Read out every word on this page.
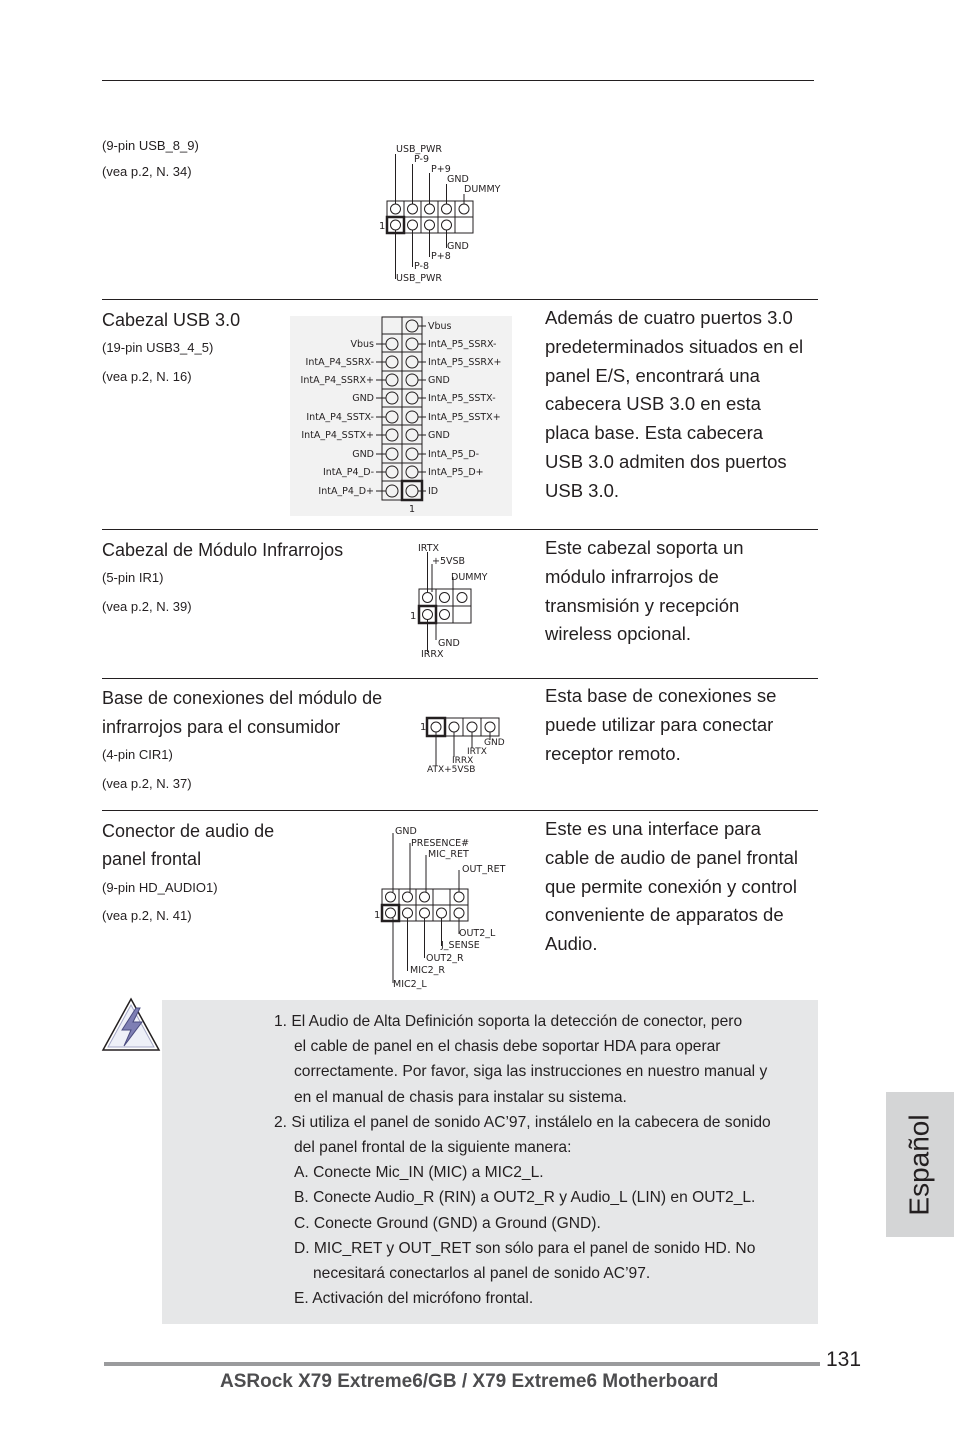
(9-pin USB_8_9)
(vea p.2, N. 34)
USB_PWR
P-9
P+9
GND
DUMMY
GND
P+8
P-8
USB_PWR
1
Cabezal USB 3.0
(19-pin USB3_4_5)
(vea p.2, N. 16)
Vbus
IntA_P4_SSRX-
IntA_P4_SSRX+
GND
IntA_P4_SSTX-
IntA_P4_SSTX+
GND
IntA_P4_D-
IntA_P4_D+
Vbus
IntA_P5_SSRX-
IntA_P5_SSRX+
GND
IntA_P5_SSTX-
IntA_P5_SSTX+
GND
IntA_P5_D-
IntA_P5_D+
ID
1
Además de cuatro puertos 3.0
predeterminados situados en el
panel E/S, encontrará una
cabecera USB 3.0 en esta
placa base. Esta cabecera
USB 3.0 admiten dos puertos
USB 3.0.
Cabezal de Módulo Infrarrojos
(5-pin IR1)
(vea p.2, N. 39)
IRTX
+5VSB
DUMMY
GND
IRRX
1
Este cabezal soporta un
módulo infrarrojos de
transmisión y recepción
wireless opcional.
Base de conexiones del módulo de
infrarrojos para el consumidor
(4-pin CIR1)
(vea p.2, N. 37)
GND
IRTX
IRRX
ATX+5VSB
1
Esta base de conexiones se
puede utilizar para conectar
receptor remoto.
Conector de audio de
panel frontal
(9-pin HD_AUDIO1)
(vea p.2, N. 41)
GND
PRESENCE#
MIC_RET
OUT_RET
OUT2_L
J_SENSE
OUT2_R
MIC2_R
MIC2_L
1
Este es una interface para
cable de audio de panel frontal
que permite conexión y control
conveniente de apparatos de
Audio.
1. El Audio de Alta Definición soporta la detección de conector, pero
el cable de panel en el chasis debe soportar HDA para operar
correctamente. Por favor, siga las instrucciones en nuestro manual y
en el manual de chasis para instalar su sistema.
2. Si utiliza el panel de sonido AC’97, instálelo en la cabecera de sonido
del panel frontal de la siguiente manera:
A. Conecte Mic_IN (MIC) a MIC2_L.
B. Conecte Audio_R (RIN) a OUT2_R y Audio_L (LIN) en OUT2_L.
C. Conecte Ground (GND) a Ground (GND).
D. MIC_RET y OUT_RET son sólo para el panel de sonido HD. No
necesitará conectarlos al panel de sonido AC’97.
E. Activación del micrófono frontal.
Español
131
ASRock X79 Extreme6/GB / X79 Extreme6 Motherboard
